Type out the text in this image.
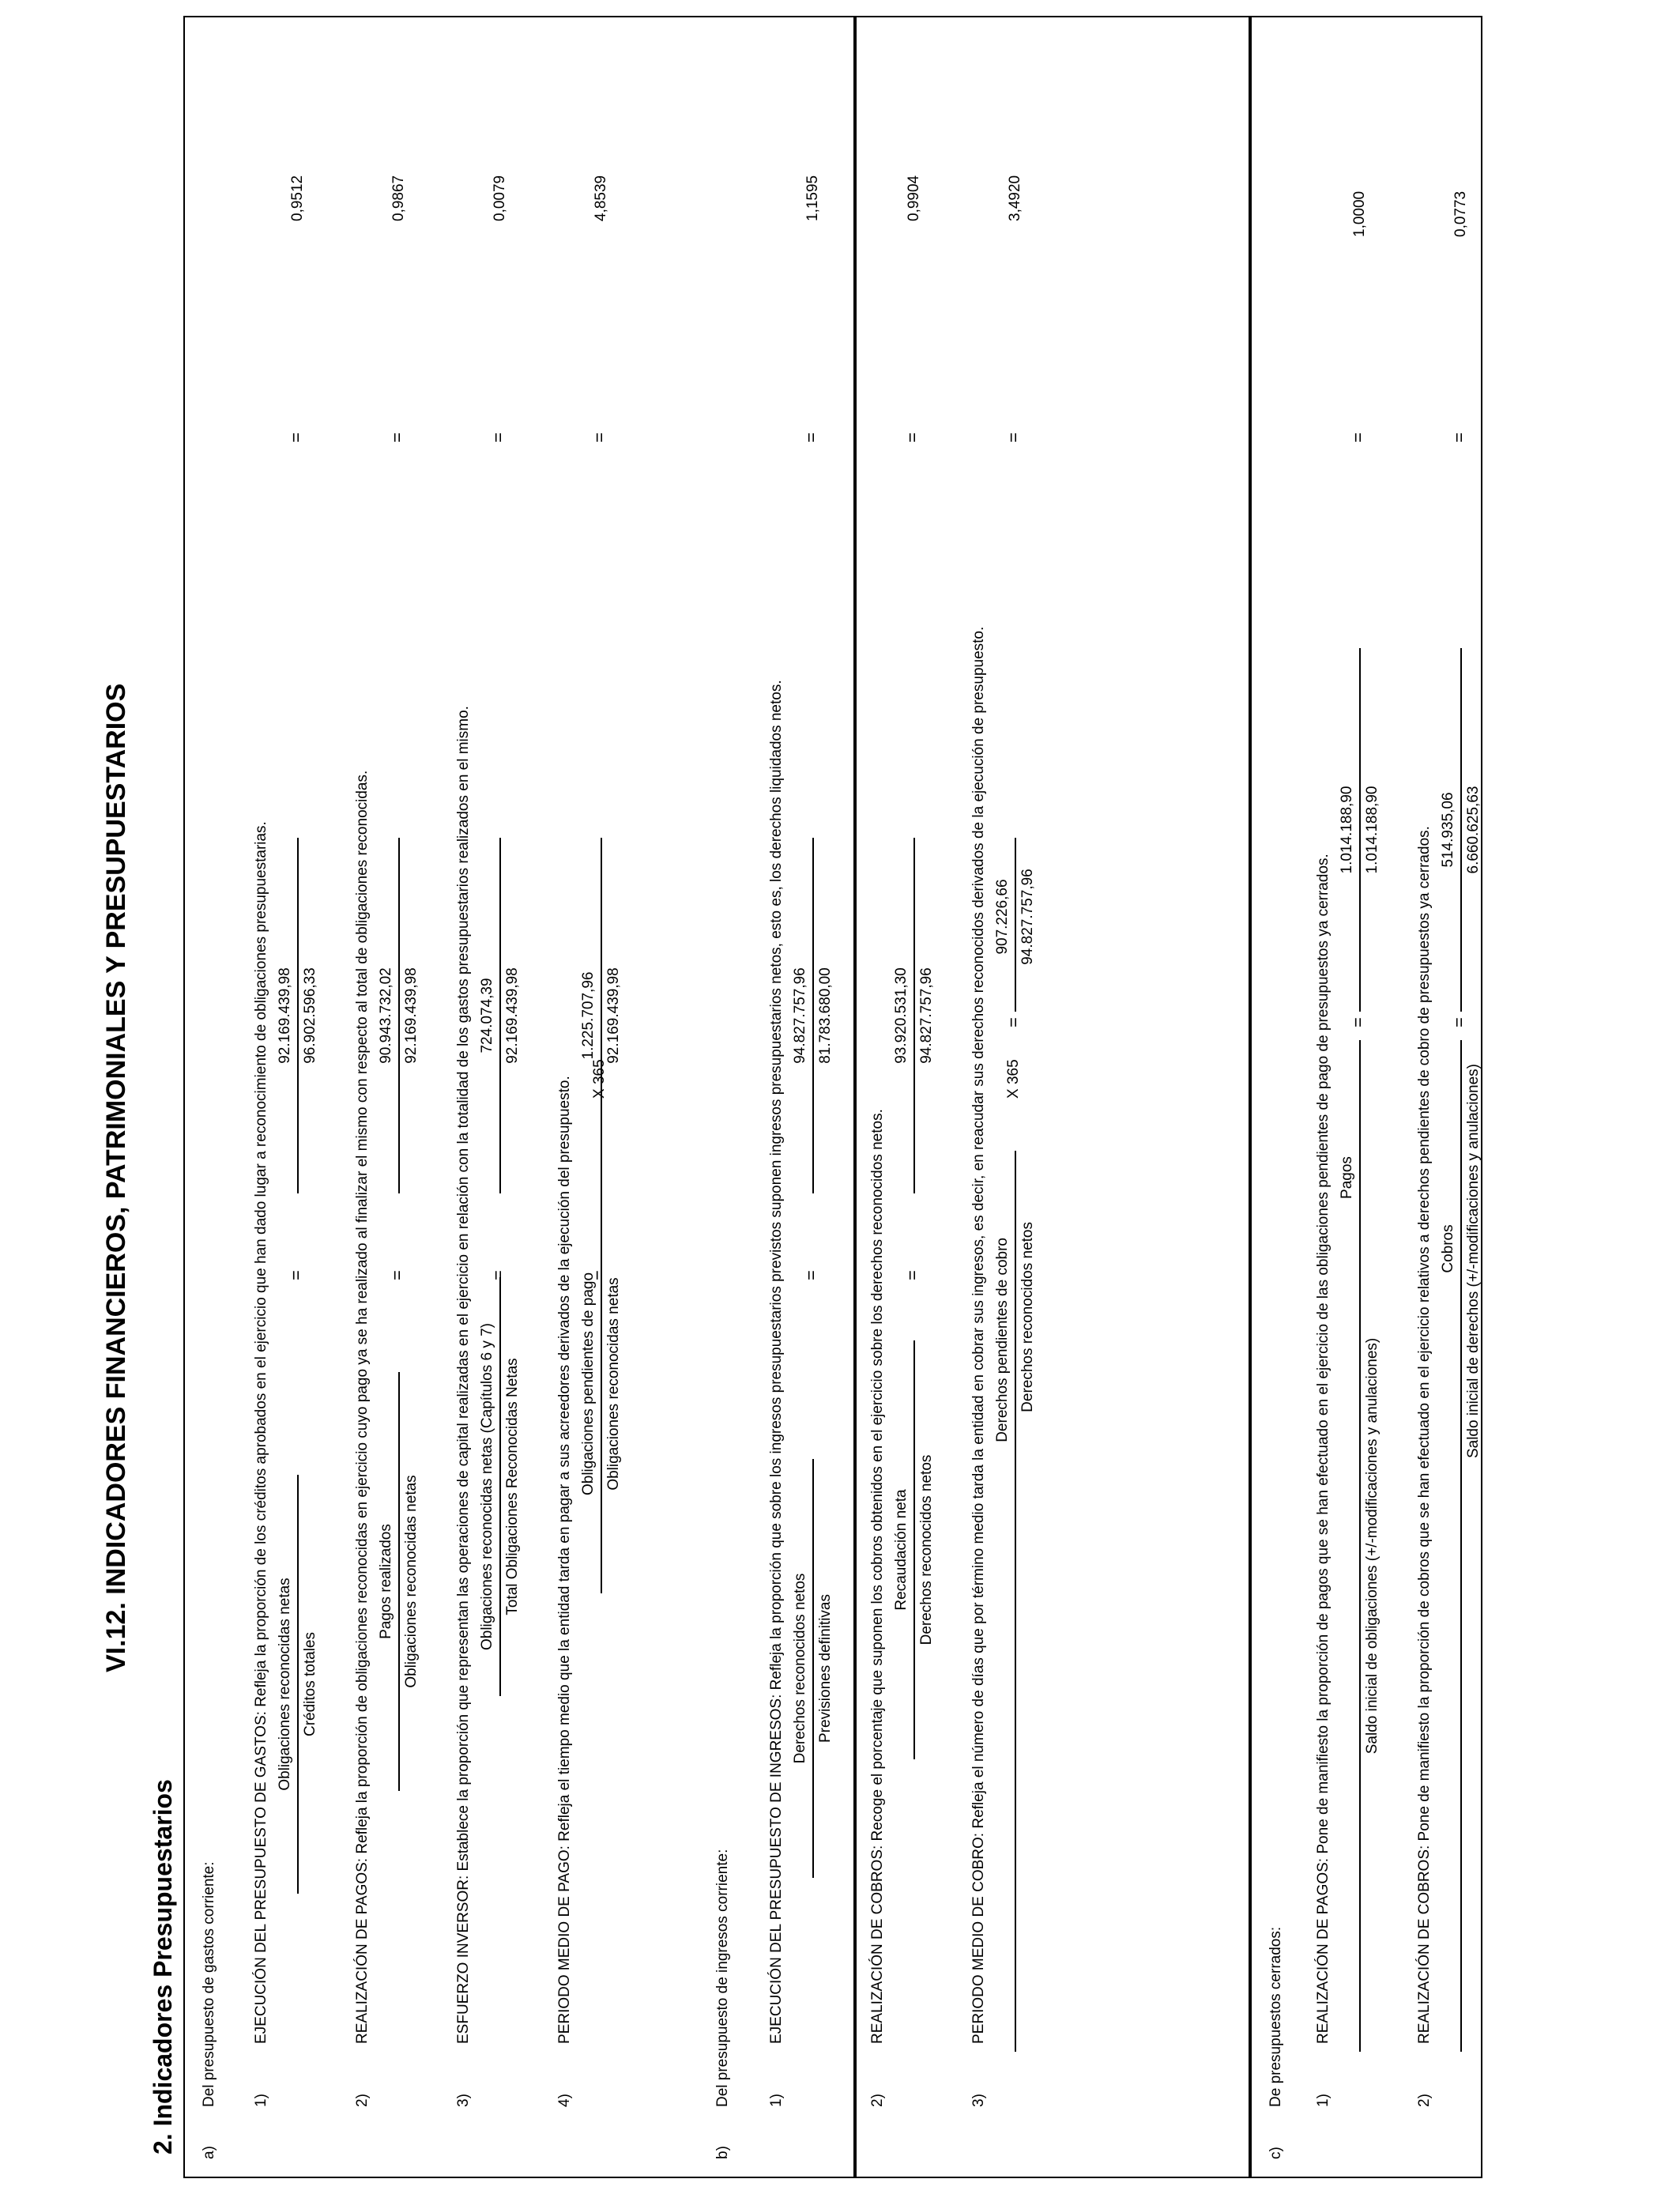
VI.12. INDICADORES FINANCIEROS, PATRIMONIALES Y PRESUPUESTARIOS
2. Indicadores Presupuestarios a)
Del presupuesto de gastos corriente: 1)
EJECUCIÓN DEL PRESUPUESTO DE GASTOS: Refleja la proporción de los créditos aprobados en el ejercicio que han dado lugar a reconocimiento de obligaciones presupuestarias. Obligaciones reconocidas netas Créditos totales
=
92.169.439,98 96.902.596,33
=
0,9512
2)
REALIZACIÓN DE PAGOS: Refleja la proporción de obligaciones reconocidas en ejercicio cuyo pago ya se ha realizado al finalizar el mismo con respecto al total de obligaciones reconocidas. Pagos realizados Obligaciones reconocidas netas
=
90.943.732,02 92.169.439,98
=
0,9867
3)
ESFUERZO INVERSOR: Establece la proporción que representan las operaciones de capital realizadas en el ejercicio en relación con la totalidad de los gastos presupuestarios realizados en el mismo. Obligaciones reconocidas netas (Capítulos 6 y 7) Total Obligaciones Reconocidas Netas
=
724.074,39 92.169.439,98
=
0,0079
4)
PERIODO MEDIO DE PAGO: Refleja el tiempo medio que la entidad tarda en pagar a sus acreedores derivados de la ejecución del presupuesto. Obligaciones pendientes de pago Obligaciones reconocidas netas
X 365
=
1.225.707,96 92.169.439,98
=
4,8539
b)
Del presupuesto de ingresos corriente: 1)
EJECUCIÓN DEL PRESUPUESTO DE INGRESOS: Refleja la proporción que sobre los ingresos presupuestarios previstos suponen ingresos presupuestarios netos, esto es, los derechos liquidados netos. Derechos reconocidos netos Previsiones definitivas
=
94.827.757,96 81.783.680,00
=
1,1595
2)
REALIZACIÓN DE COBROS: Recoge el porcentaje que suponen los cobros obtenidos en el ejercicio sobre los derechos reconocidos netos. Recaudación neta Derechos reconocidos netos
=
93.920.531,30 94.827.757,96
=
0,9904
3)
PERIODO MEDIO DE COBRO: Refleja el número de días que por término medio tarda la entidad en cobrar sus ingresos, es decir, en reacudar sus derechos reconocidos derivados de la ejecución de presupuesto. Derechos pendientes de cobro Derechos reconocidos netos
X 365
=
907.226,66 94.827.757,96
=
3,4920
c)
De presupuestos cerrados: 1)
REALIZACIÓN DE PAGOS: Pone de manifiesto la proporción de pagos que se han efectuado en el ejercicio de las obligaciones pendientes de pago de presupuestos ya cerrados. Pagos
Saldo inicial de obligaciones (+/-modificaciones y anulaciones)
=
1.014.188,90 1.014.188,90
=
1,0000
2)
REALIZACIÓN DE COBROS: Pone de manifiesto la proporción de cobros que se han efectuado en el ejercicio relativos a derechos pendientes de cobro de presupuestos ya cerrados. Cobros Saldo inicial de derechos (+/-modificaciones y anulaciones)
=
514.935,06 6.660.625,63
=
0,0773
